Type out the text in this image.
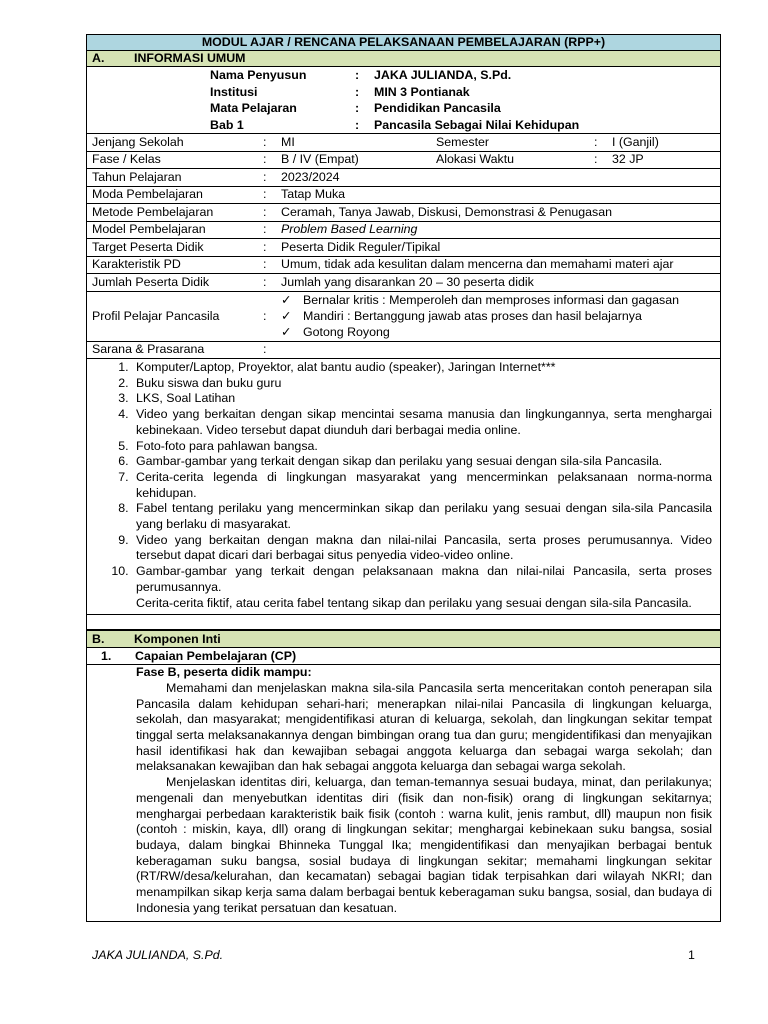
MODUL AJAR / RENCANA PELAKSANAAN PEMBELAJARAN (RPP+)
A. INFORMASI UMUM
Nama Penyusun	: JAKA JULIANDA, S.Pd.
Institusi	: MIN 3 Pontianak
Mata Pelajaran	: Pendidikan Pancasila
Bab 1	: Pancasila Sebagai Nilai Kehidupan
Jenjang Sekolah	: MI	Semester	: I (Ganjil)
Fase / Kelas	: B / IV (Empat)	Alokasi Waktu	: 32 JP
Tahun Pelajaran	: 2023/2024
Moda Pembelajaran	: Tatap Muka
Metode Pembelajaran	: Ceramah, Tanya Jawab, Diskusi, Demonstrasi & Penugasan
Model Pembelajaran	: Problem Based Learning
Target Peserta Didik	: Peserta Didik Reguler/Tipikal
Karakteristik PD	: Umum, tidak ada kesulitan dalam mencerna dan memahami materi ajar
Jumlah Peserta Didik	: Jumlah yang disarankan 20 – 30 peserta didik
Profil Pelajar Pancasila	:
✓ Bernalar kritis : Memperoleh dan memproses informasi dan gagasan
✓ Mandiri : Bertanggung jawab atas proses dan hasil belajarnya
✓ Gotong Royong
Sarana & Prasarana	:
1. Komputer/Laptop, Proyektor, alat bantu audio (speaker), Jaringan Internet***
2. Buku siswa dan buku guru
3. LKS, Soal Latihan
4. Video yang berkaitan dengan sikap mencintai sesama manusia dan lingkungannya, serta menghargai kebinekaan. Video tersebut dapat diunduh dari berbagai media online.
5. Foto-foto para pahlawan bangsa.
6. Gambar-gambar yang terkait dengan sikap dan perilaku yang sesuai dengan sila-sila Pancasila.
7. Cerita-cerita legenda di lingkungan masyarakat yang mencerminkan pelaksanaan norma-norma kehidupan.
8. Fabel tentang perilaku yang mencerminkan sikap dan perilaku yang sesuai dengan sila-sila Pancasila yang berlaku di masyarakat.
9. Video yang berkaitan dengan makna dan nilai-nilai Pancasila, serta proses perumusannya. Video tersebut dapat dicari dari berbagai situs penyedia video-video online.
10. Gambar-gambar yang terkait dengan pelaksanaan makna dan nilai-nilai Pancasila, serta proses perumusannya.
Cerita-cerita fiktif, atau cerita fabel tentang sikap dan perilaku yang sesuai dengan sila-sila Pancasila.
B.	Komponen Inti
1. Capaian Pembelajaran (CP)
Fase B, peserta didik mampu:

Memahami dan menjelaskan makna sila-sila Pancasila serta menceritakan contoh penerapan sila Pancasila dalam kehidupan sehari-hari; menerapkan nilai-nilai Pancasila di lingkungan keluarga, sekolah, dan masyarakat; mengidentifikasi aturan di keluarga, sekolah, dan lingkungan sekitar tempat tinggal serta melaksanakannya dengan bimbingan orang tua dan guru; mengidentifikasi dan menyajikan hasil identifikasi hak dan kewajiban sebagai anggota keluarga dan sebagai warga sekolah; dan melaksanakan kewajiban dan hak sebagai anggota keluarga dan sebagai warga sekolah.

Menjelaskan identitas diri, keluarga, dan teman-temannya sesuai budaya, minat, dan perilakunya; mengenali dan menyebutkan identitas diri (fisik dan non-fisik) orang di lingkungan sekitarnya; menghargai perbedaan karakteristik baik fisik (contoh : warna kulit, jenis rambut, dll) maupun non fisik (contoh : miskin, kaya, dll) orang di lingkungan sekitar; menghargai kebinekaan suku bangsa, sosial budaya, dalam bingkai Bhinneka Tunggal Ika; mengidentifikasi dan menyajikan berbagai bentuk keberagaman suku bangsa, sosial budaya di lingkungan sekitar; memahami lingkungan sekitar (RT/RW/desa/kelurahan, dan kecamatan) sebagai bagian tidak terpisahkan dari wilayah NKRI; dan menampilkan sikap kerja sama dalam berbagai bentuk keberagaman suku bangsa, sosial, dan budaya di Indonesia yang terikat persatuan dan kesatuan.

JAKA JULIANDA, S.Pd.	1
